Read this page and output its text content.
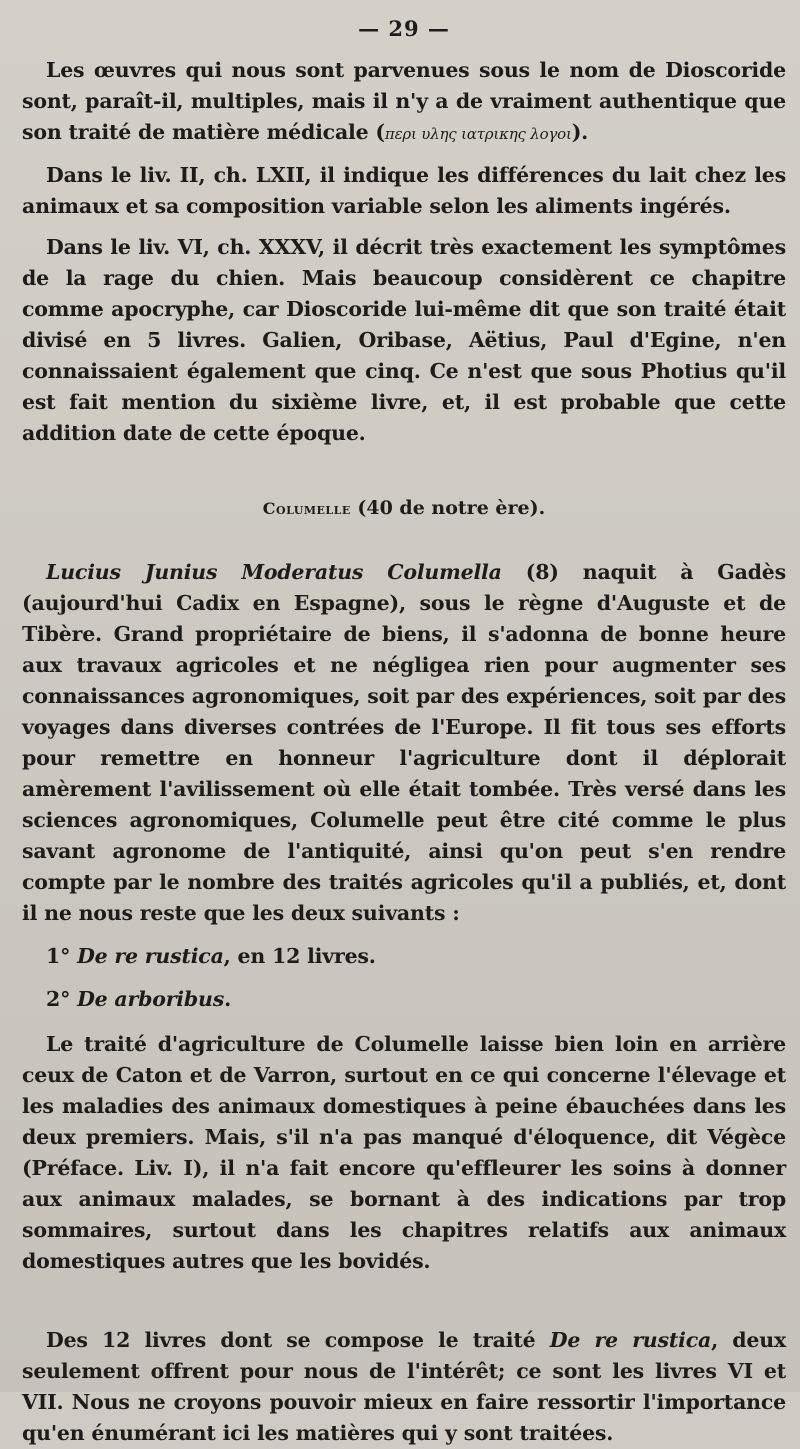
— 29 —

Les œuvres qui nous sont parvenues sous le nom de Dioscoride sont, paraît-il, multiples, mais il n'y a de vraiment authentique que son traité de matière médicale (περι υλης ιατρικης λογοι).

Dans le liv. II, ch. LXII, il indique les différences du lait chez les animaux et sa composition variable selon les aliments ingérés.

Dans le liv. VI, ch. XXXV, il décrit très exactement les symptômes de la rage du chien. Mais beaucoup considèrent ce chapitre comme apocryphe, car Dioscoride lui-même dit que son traité était divisé en 5 livres. Galien, Oribase, Aëtius, Paul d'Egine, n'en connaissaient également que cinq. Ce n'est que sous Photius qu'il est fait mention du sixième livre, et, il est probable que cette addition date de cette époque.

Columelle (40 de notre ère).

Lucius Junius Moderatus Columella (8) naquit à Gadès (aujourd'hui Cadix en Espagne), sous le règne d'Auguste et de Tibère. Grand propriétaire de biens, il s'adonna de bonne heure aux travaux agricoles et ne négligea rien pour augmenter ses connaissances agronomiques, soit par des expériences, soit par des voyages dans diverses contrées de l'Europe. Il fit tous ses efforts pour remettre en honneur l'agriculture dont il déplorait amèrement l'avilissement où elle était tombée. Très versé dans les sciences agronomiques, Columelle peut être cité comme le plus savant agronome de l'antiquité, ainsi qu'on peut s'en rendre compte par le nombre des traités agricoles qu'il a publiés, et, dont il ne nous reste que les deux suivants :

1° De re rustica, en 12 livres.

2° De arboribus.

Le traité d'agriculture de Columelle laisse bien loin en arrière ceux de Caton et de Varron, surtout en ce qui concerne l'élevage et les maladies des animaux domestiques à peine ébauchées dans les deux premiers. Mais, s'il n'a pas manqué d'éloquence, dit Végèce (Préface. Liv. I), il n'a fait encore qu'effleurer les soins à donner aux animaux malades, se bornant à des indications par trop sommaires, surtout dans les chapitres relatifs aux animaux domestiques autres que les bovidés.

Des 12 livres dont se compose le traité De re rustica, deux seulement offrent pour nous de l'intérêt; ce sont les livres VI et VII. Nous ne croyons pouvoir mieux en faire ressortir l'importance qu'en énumérant ici les matières qui y sont traitées.
